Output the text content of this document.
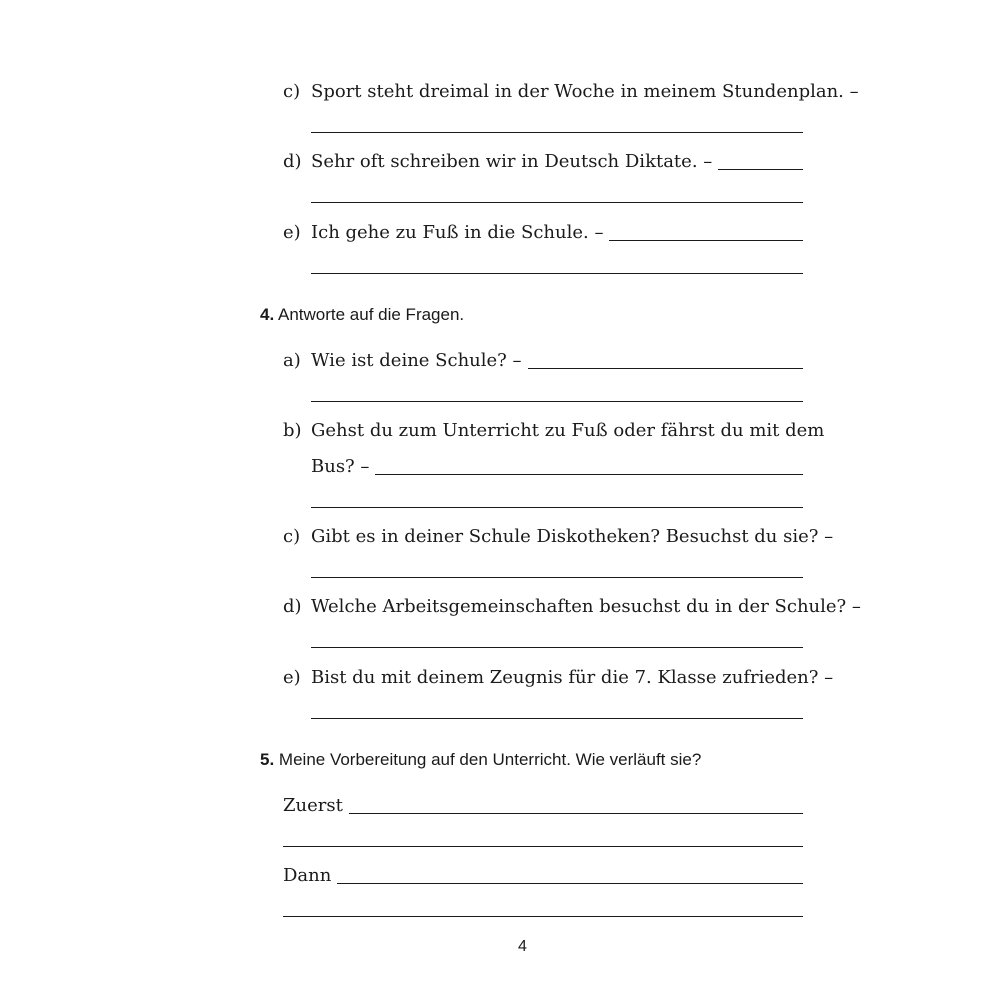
c) Sport steht dreimal in der Woche in meinem Stundenplan. –
d) Sehr oft schreiben wir in Deutsch Diktate. –
e) Ich gehe zu Fuß in die Schule. –
4. Antworte auf die Fragen.
a) Wie ist deine Schule? –
b) Gehst du zum Unterricht zu Fuß oder fährst du mit dem
Bus? –
c) Gibt es in deiner Schule Diskotheken? Besuchst du sie? –
d) Welche Arbeitsgemeinschaften besuchst du in der Schule? –
e) Bist du mit deinem Zeugnis für die 7. Klasse zufrieden? –
5. Meine Vorbereitung auf den Unterricht. Wie verläuft sie?
Zuerst
Dann
4
